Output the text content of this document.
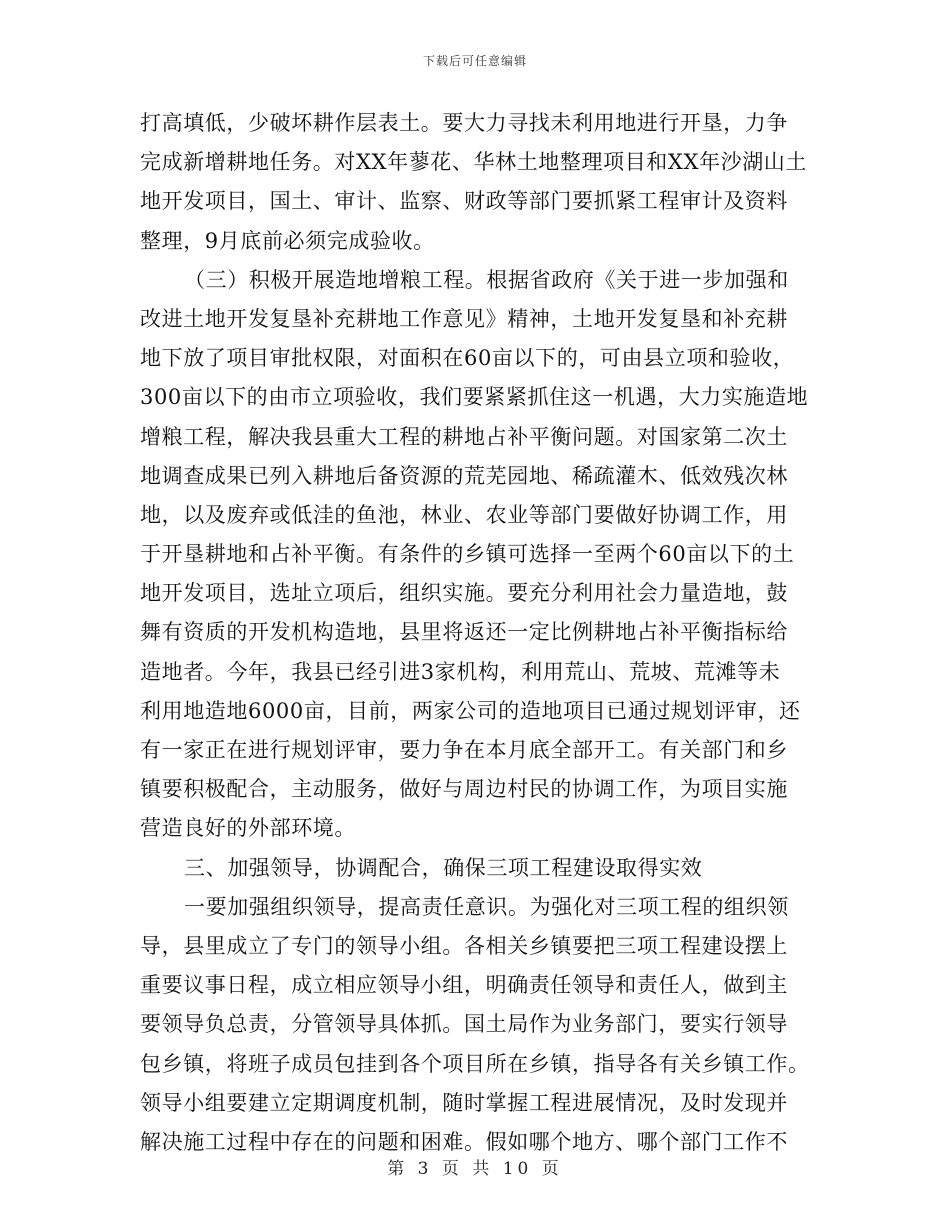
下载后可任意编辑
打高填低，少破坏耕作层表土。要大力寻找未利用地进行开垦，力争
完成新增耕地任务。对XX年蓼花、华林土地整理项目和XX年沙湖山土
地开发项目，国土、审计、监察、财政等部门要抓紧工程审计及资料
整理，9月底前必须完成验收。
（三）积极开展造地增粮工程。根据省政府《关于进一步加强和
改进土地开发复垦补充耕地工作意见》精神，土地开发复垦和补充耕
地下放了项目审批权限，对面积在60亩以下的，可由县立项和验收，
300亩以下的由市立项验收，我们要紧紧抓住这一机遇，大力实施造地
增粮工程，解决我县重大工程的耕地占补平衡问题。对国家第二次土
地调查成果已列入耕地后备资源的荒芜园地、稀疏灌木、低效残次林
地，以及废弃或低洼的鱼池，林业、农业等部门要做好协调工作，用
于开垦耕地和占补平衡。有条件的乡镇可选择一至两个60亩以下的土
地开发项目，选址立项后，组织实施。要充分利用社会力量造地，鼓
舞有资质的开发机构造地，县里将返还一定比例耕地占补平衡指标给
造地者。今年，我县已经引进3家机构，利用荒山、荒坡、荒滩等未
利用地造地6000亩，目前，两家公司的造地项目已通过规划评审，还
有一家正在进行规划评审，要力争在本月底全部开工。有关部门和乡
镇要积极配合，主动服务，做好与周边村民的协调工作，为项目实施
营造良好的外部环境。
三、加强领导，协调配合，确保三项工程建设取得实效
一要加强组织领导，提高责任意识。为强化对三项工程的组织领
导，县里成立了专门的领导小组。各相关乡镇要把三项工程建设摆上
重要议事日程，成立相应领导小组，明确责任领导和责任人，做到主
要领导负总责，分管领导具体抓。国土局作为业务部门，要实行领导
包乡镇，将班子成员包挂到各个项目所在乡镇，指导各有关乡镇工作。
领导小组要建立定期调度机制，随时掌握工程进展情况，及时发现并
解决施工过程中存在的问题和困难。假如哪个地方、哪个部门工作不
第 3 页 共 10 页
